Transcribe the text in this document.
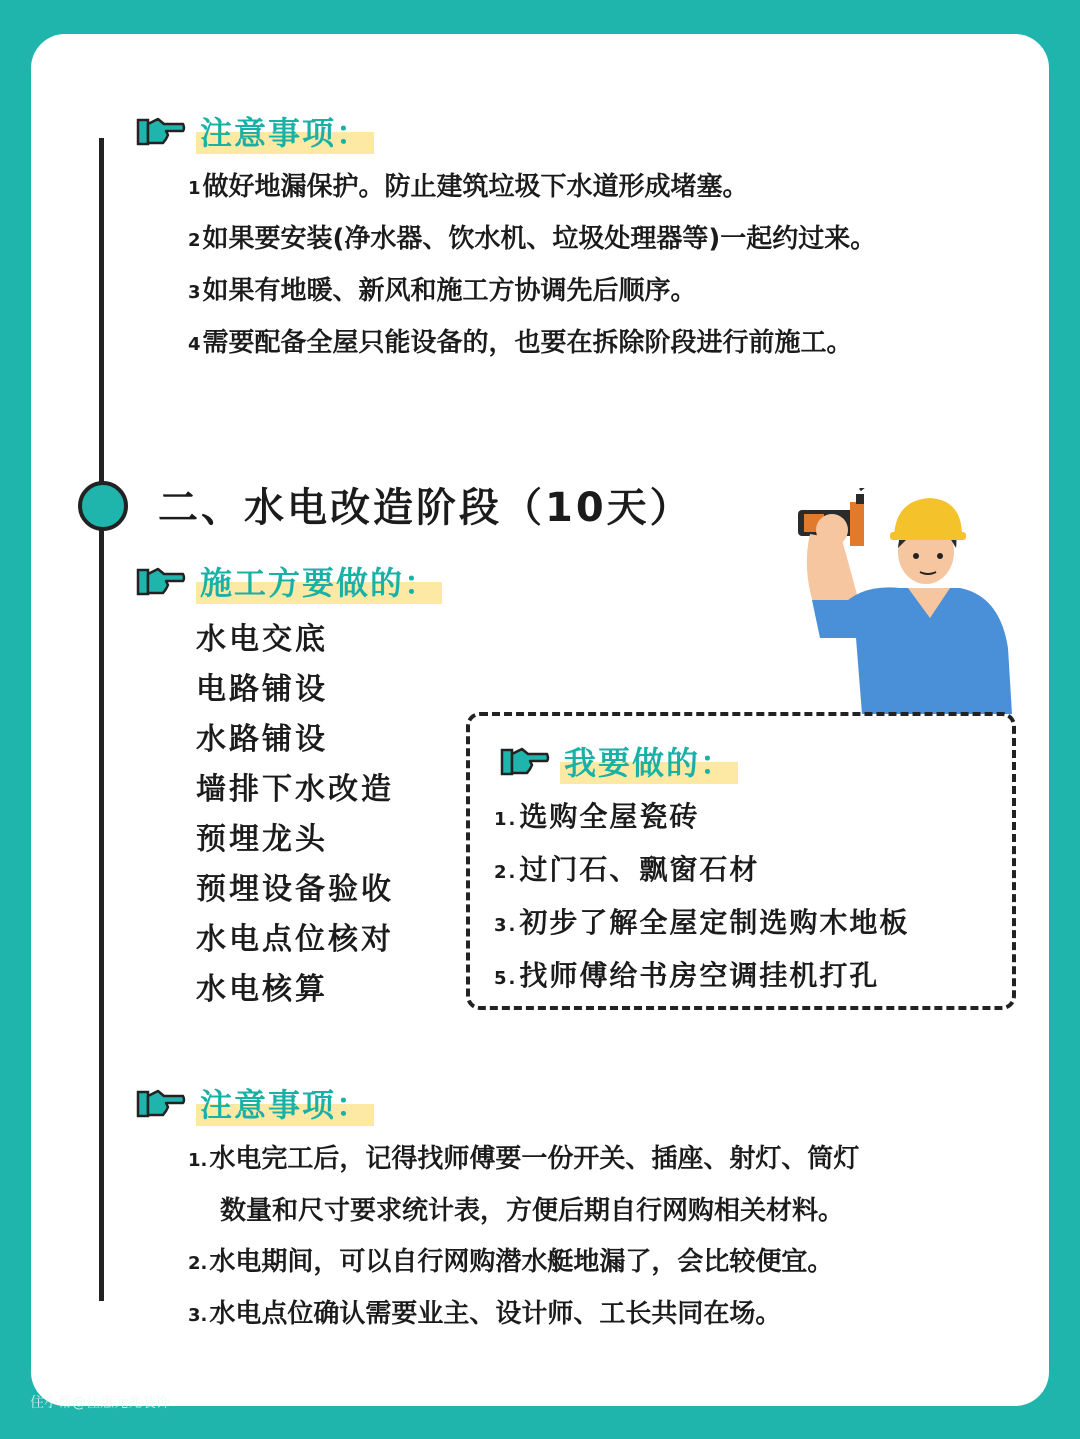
注意事项：
1做好地漏保护。防止建筑垃圾下水道形成堵塞。
2如果要安装(净水器、饮水机、垃圾处理器等)一起约过来。
3如果有地暖、新风和施工方协调先后顺序。
4需要配备全屋只能设备的，也要在拆除阶段进行前施工。
二、水电改造阶段（10天）
施工方要做的：
水电交底
电路铺设
水路铺设
墙排下水改造
预埋龙头
预埋设备验收
水电点位核对
水电核算
我要做的：
1.选购全屋瓷砖
2.过门石、飘窗石材
3.初步了解全屋定制选购木地板
5.找师傅给书房空调挂机打孔
注意事项：
1.水电完工后，记得找师傅要一份开关、插座、射灯、筒灯
数量和尺寸要求统计表，方便后期自行网购相关材料。
2.水电期间，可以自行网购潜水艇地漏了，会比较便宜。
3.水电点位确认需要业主、设计师、工长共同在场。
住小帮@住惠元兆装饰
